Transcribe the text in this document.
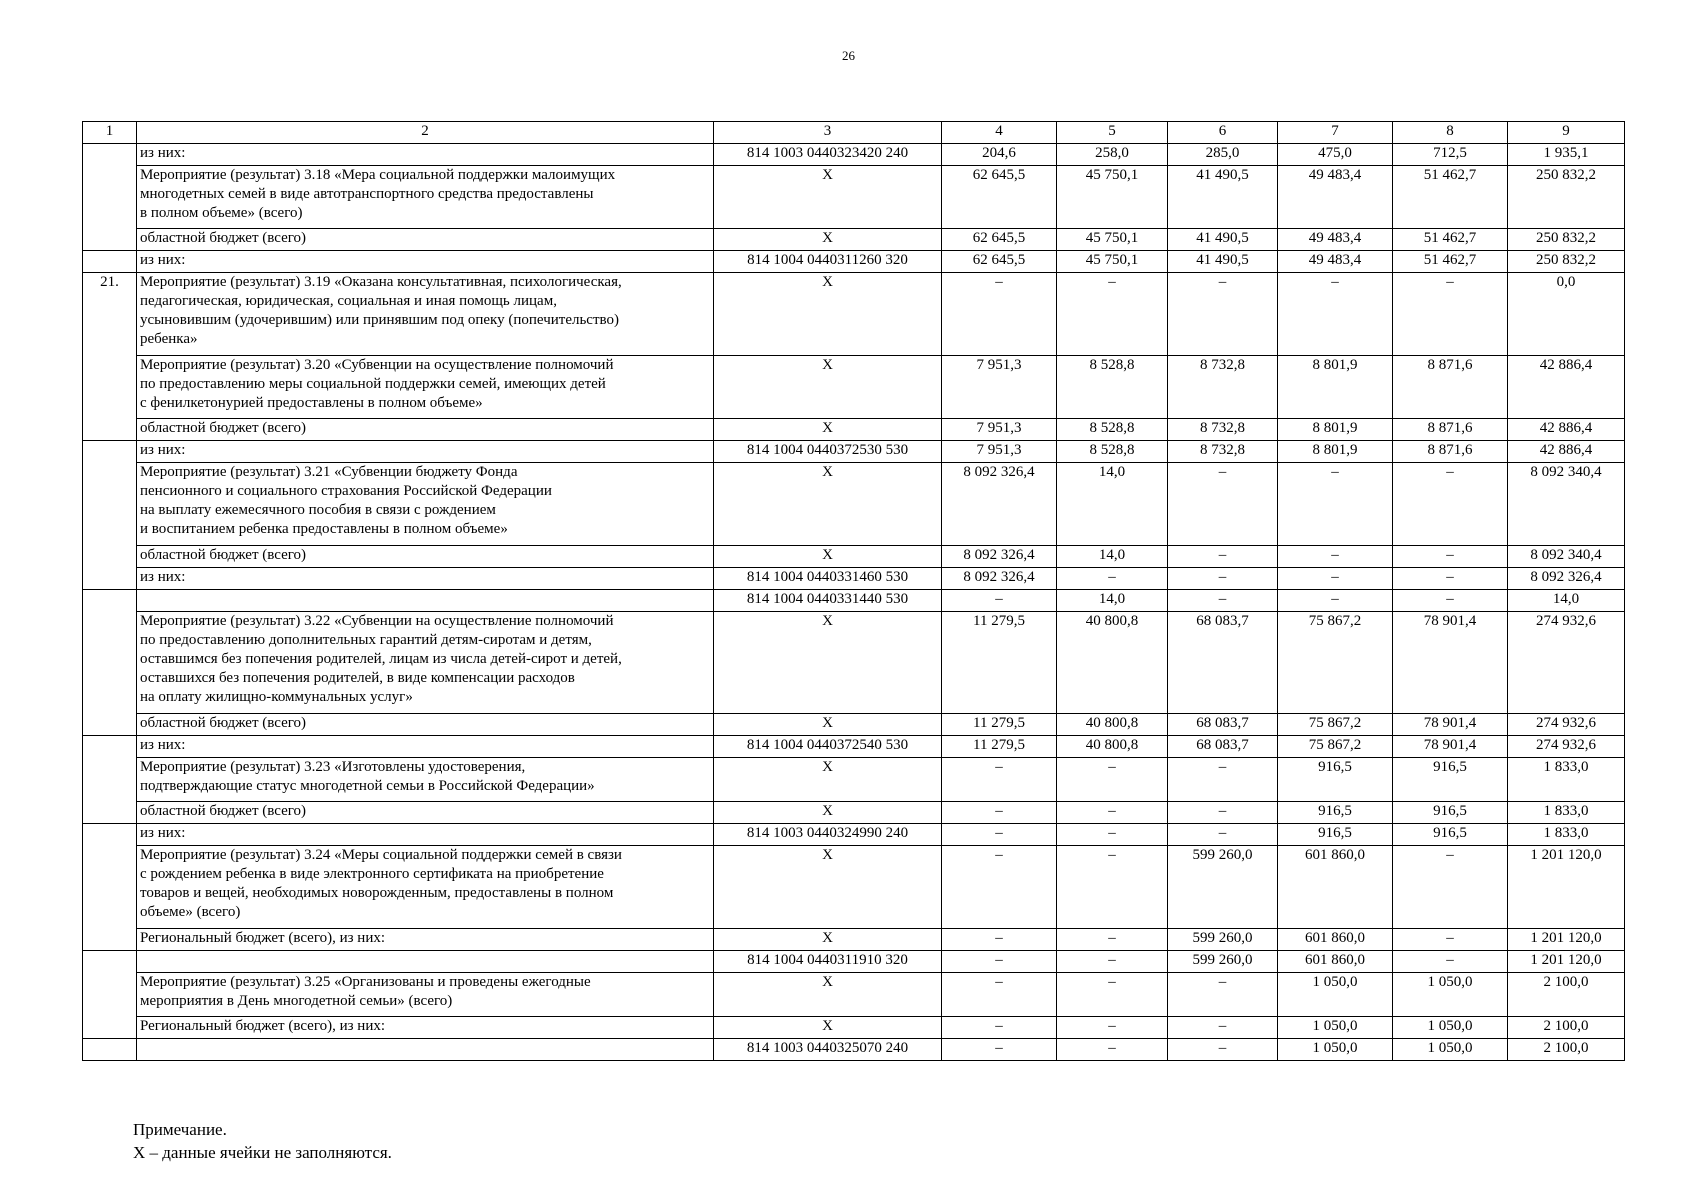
26
1	2	3	4	5	6	7	8	9
	из них:	814 1003 0440323420 240	204,6	258,0	285,0	475,0	712,5	1 935,1
	Мероприятие (результат) 3.18 «Мера социальной поддержки малоимущих
многодетных семей в виде автотранспортного средства предоставлены
в полном объеме» (всего)	X	62 645,5	45 750,1	41 490,5	49 483,4	51 462,7	250 832,2
	областной бюджет (всего)	X	62 645,5	45 750,1	41 490,5	49 483,4	51 462,7	250 832,2
	из них:	814 1004 0440311260 320	62 645,5	45 750,1	41 490,5	49 483,4	51 462,7	250 832,2
21.	Мероприятие (результат) 3.19 «Оказана консультативная, психологическая,
педагогическая, юридическая, социальная и иная помощь лицам,
усыновившим (удочерившим) или принявшим под опеку (попечительство)
ребенка»	X	–	–	–	–	–	0,0
	Мероприятие (результат) 3.20 «Субвенции на осуществление полномочий
по предоставлению меры социальной поддержки семей, имеющих детей
с фенилкетонурией предоставлены в полном объеме»	X	7 951,3	8 528,8	8 732,8	8 801,9	8 871,6	42 886,4
	областной бюджет (всего)	X	7 951,3	8 528,8	8 732,8	8 801,9	8 871,6	42 886,4
	из них:	814 1004 0440372530 530	7 951,3	8 528,8	8 732,8	8 801,9	8 871,6	42 886,4
	Мероприятие (результат) 3.21 «Субвенции бюджету Фонда
пенсионного и социального страхования Российской Федерации
на выплату ежемесячного пособия в связи с рождением
и воспитанием ребенка предоставлены в полном объеме»	X	8 092 326,4	14,0	–	–	–	8 092 340,4
	областной бюджет (всего)	X	8 092 326,4	14,0	–	–	–	8 092 340,4
	из них:	814 1004 0440331460 530	8 092 326,4	–	–	–	–	8 092 326,4
		814 1004 0440331440 530	–	14,0	–	–	–	14,0
	Мероприятие (результат) 3.22 «Субвенции на осуществление полномочий
по предоставлению дополнительных гарантий детям-сиротам и детям,
оставшимся без попечения родителей, лицам из числа детей-сирот и детей,
оставшихся без попечения родителей, в виде компенсации расходов
на оплату жилищно-коммунальных услуг»	X	11 279,5	40 800,8	68 083,7	75 867,2	78 901,4	274 932,6
	областной бюджет (всего)	X	11 279,5	40 800,8	68 083,7	75 867,2	78 901,4	274 932,6
	из них:	814 1004 0440372540 530	11 279,5	40 800,8	68 083,7	75 867,2	78 901,4	274 932,6
	Мероприятие (результат) 3.23 «Изготовлены удостоверения,
подтверждающие статус многодетной семьи в Российской Федерации»	X	–	–	–	916,5	916,5	1 833,0
	областной бюджет (всего)	X	–	–	–	916,5	916,5	1 833,0
	из них:	814 1003 0440324990 240	–	–	–	916,5	916,5	1 833,0
	Мероприятие (результат) 3.24 «Меры социальной поддержки семей в связи
с рождением ребенка в виде электронного сертификата на приобретение
товаров и вещей, необходимых новорожденным, предоставлены в полном
объеме» (всего)	X	–	–	599 260,0	601 860,0	–	1 201 120,0
	Региональный бюджет (всего), из них:	X	–	–	599 260,0	601 860,0	–	1 201 120,0
		814 1004 0440311910 320	–	–	599 260,0	601 860,0	–	1 201 120,0
	Мероприятие (результат) 3.25 «Организованы и проведены ежегодные
мероприятия в День многодетной семьи» (всего)	X	–	–	–	1 050,0	1 050,0	2 100,0
	Региональный бюджет (всего), из них:	X	–	–	–	1 050,0	1 050,0	2 100,0
		814 1003 0440325070 240	–	–	–	1 050,0	1 050,0	2 100,0
Примечание.
X – данные ячейки не заполняются.
